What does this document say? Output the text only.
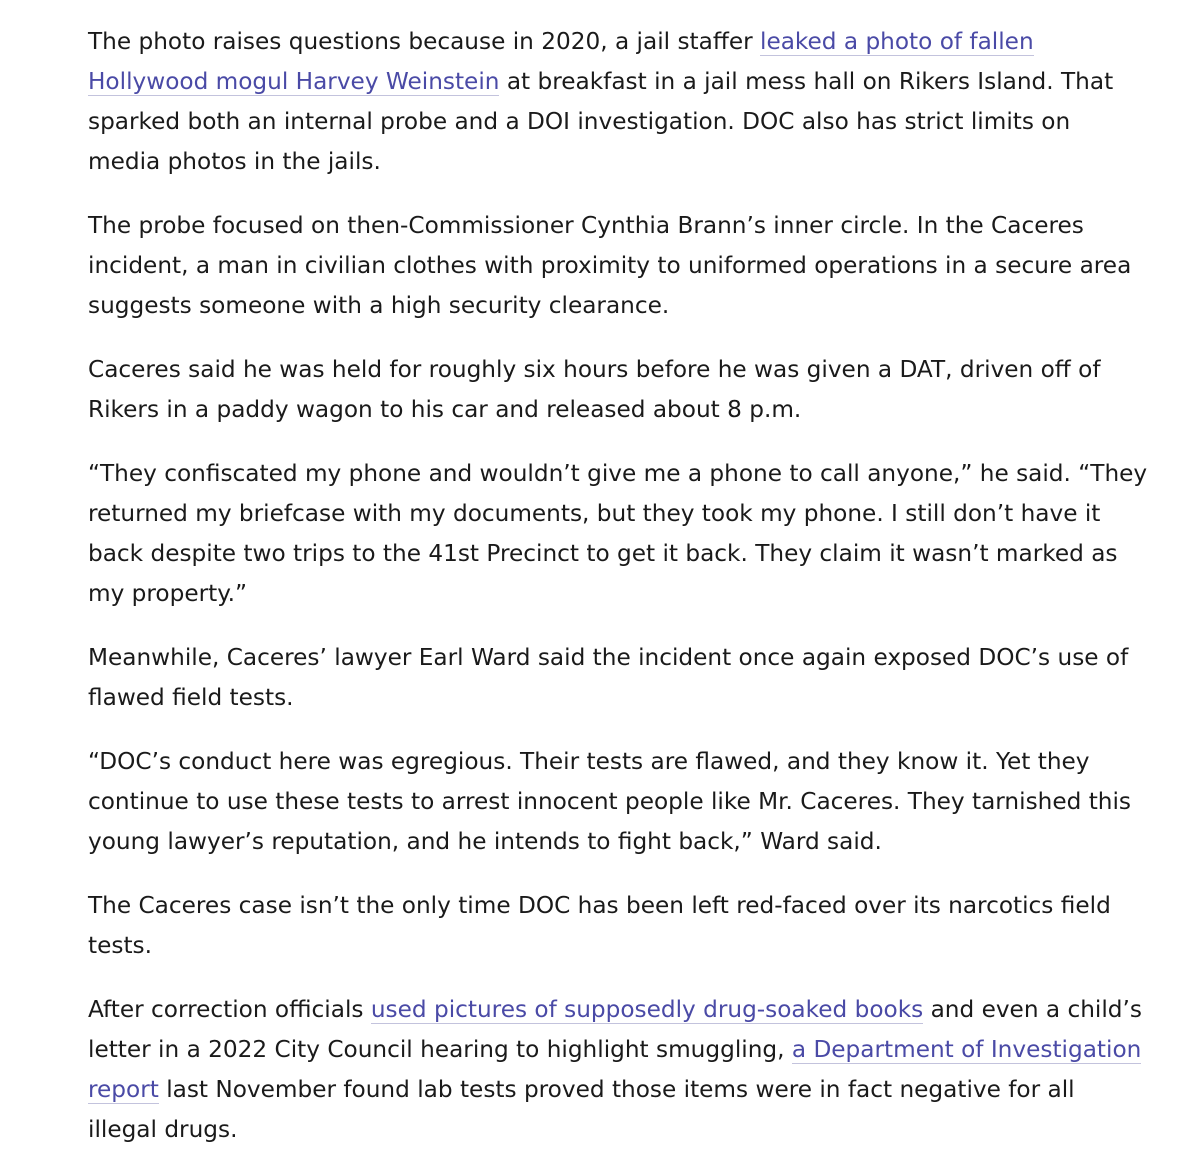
The photo raises questions because in 2020, a jail staffer leaked a photo of fallen Hollywood mogul Harvey Weinstein at breakfast in a jail mess hall on Rikers Island. That sparked both an internal probe and a DOI investigation. DOC also has strict limits on media photos in the jails.

The probe focused on then-Commissioner Cynthia Brann’s inner circle. In the Caceres incident, a man in civilian clothes with proximity to uniformed operations in a secure area suggests someone with a high security clearance.

Caceres said he was held for roughly six hours before he was given a DAT, driven off of Rikers in a paddy wagon to his car and released about 8 p.m.

“They confiscated my phone and wouldn’t give me a phone to call anyone,” he said. “They returned my briefcase with my documents, but they took my phone. I still don’t have it back despite two trips to the 41st Precinct to get it back. They claim it wasn’t marked as my property.”

Meanwhile, Caceres’ lawyer Earl Ward said the incident once again exposed DOC’s use of flawed field tests.

“DOC’s conduct here was egregious. Their tests are flawed, and they know it. Yet they continue to use these tests to arrest innocent people like Mr. Caceres. They tarnished this young lawyer’s reputation, and he intends to fight back,” Ward said.

The Caceres case isn’t the only time DOC has been left red-faced over its narcotics field tests.

After correction officials used pictures of supposedly drug-soaked books and even a child’s letter in a 2022 City Council hearing to highlight smuggling, a Department of Investigation report last November found lab tests proved those items were in fact negative for all illegal drugs.
